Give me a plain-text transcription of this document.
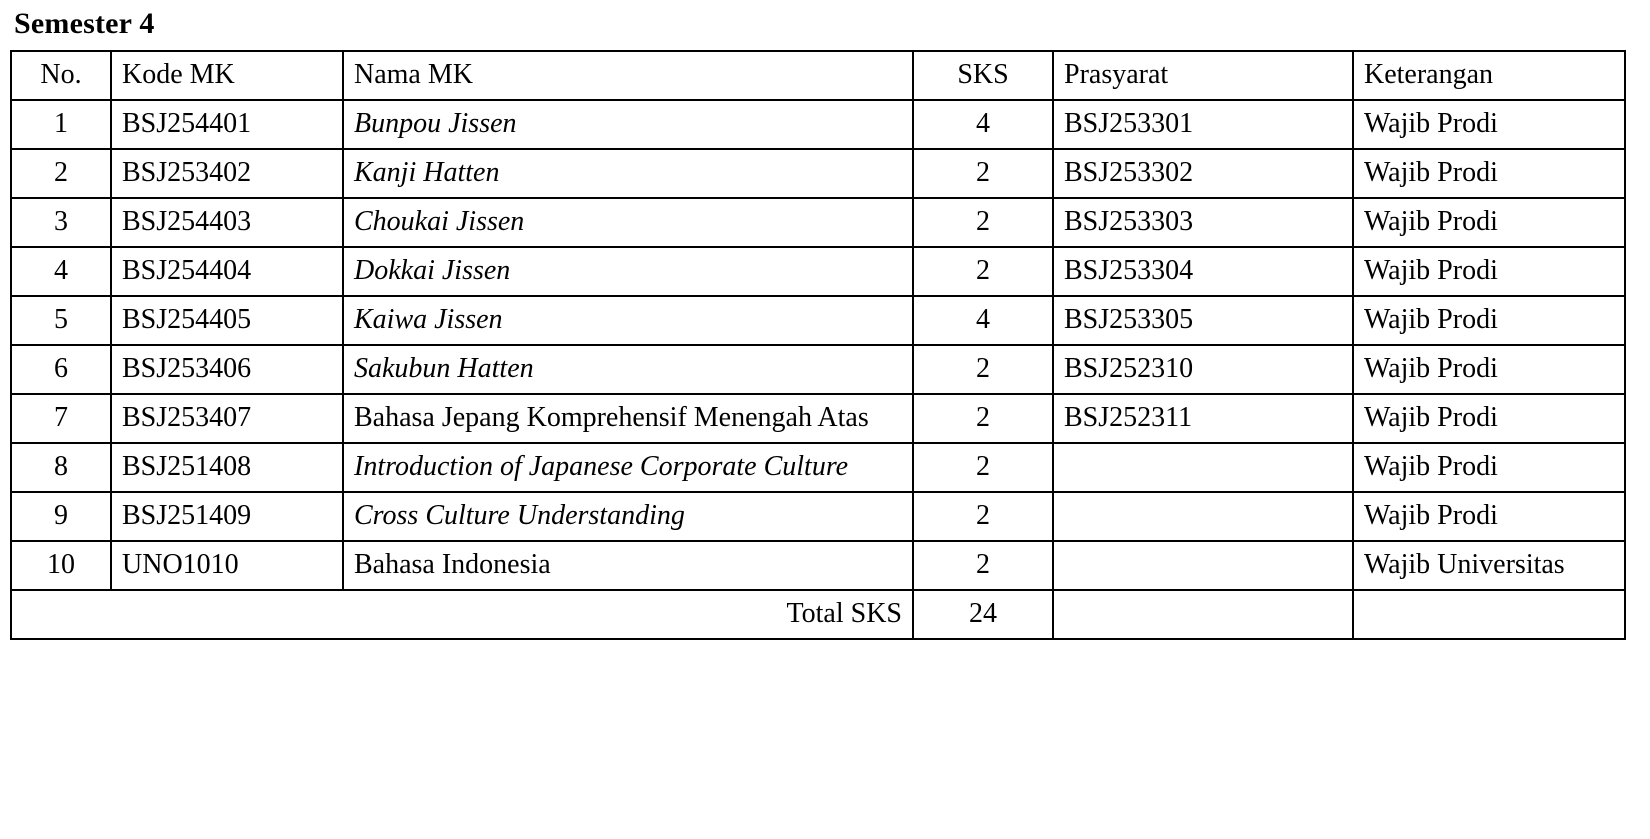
Semester 4
No.	Kode MK	Nama MK	SKS	Prasyarat	Keterangan
1	BSJ254401	Bunpou Jissen	4	BSJ253301	Wajib Prodi
2	BSJ253402	Kanji Hatten	2	BSJ253302	Wajib Prodi
3	BSJ254403	Choukai Jissen	2	BSJ253303	Wajib Prodi
4	BSJ254404	Dokkai Jissen	2	BSJ253304	Wajib Prodi
5	BSJ254405	Kaiwa Jissen	4	BSJ253305	Wajib Prodi
6	BSJ253406	Sakubun Hatten	2	BSJ252310	Wajib Prodi
7	BSJ253407	Bahasa Jepang Komprehensif Menengah Atas	2	BSJ252311	Wajib Prodi
8	BSJ251408	Introduction of Japanese Corporate Culture	2		Wajib Prodi
9	BSJ251409	Cross Culture Understanding	2		Wajib Prodi
10	UNO1010	Bahasa Indonesia	2		Wajib Universitas
Total SKS			24		
